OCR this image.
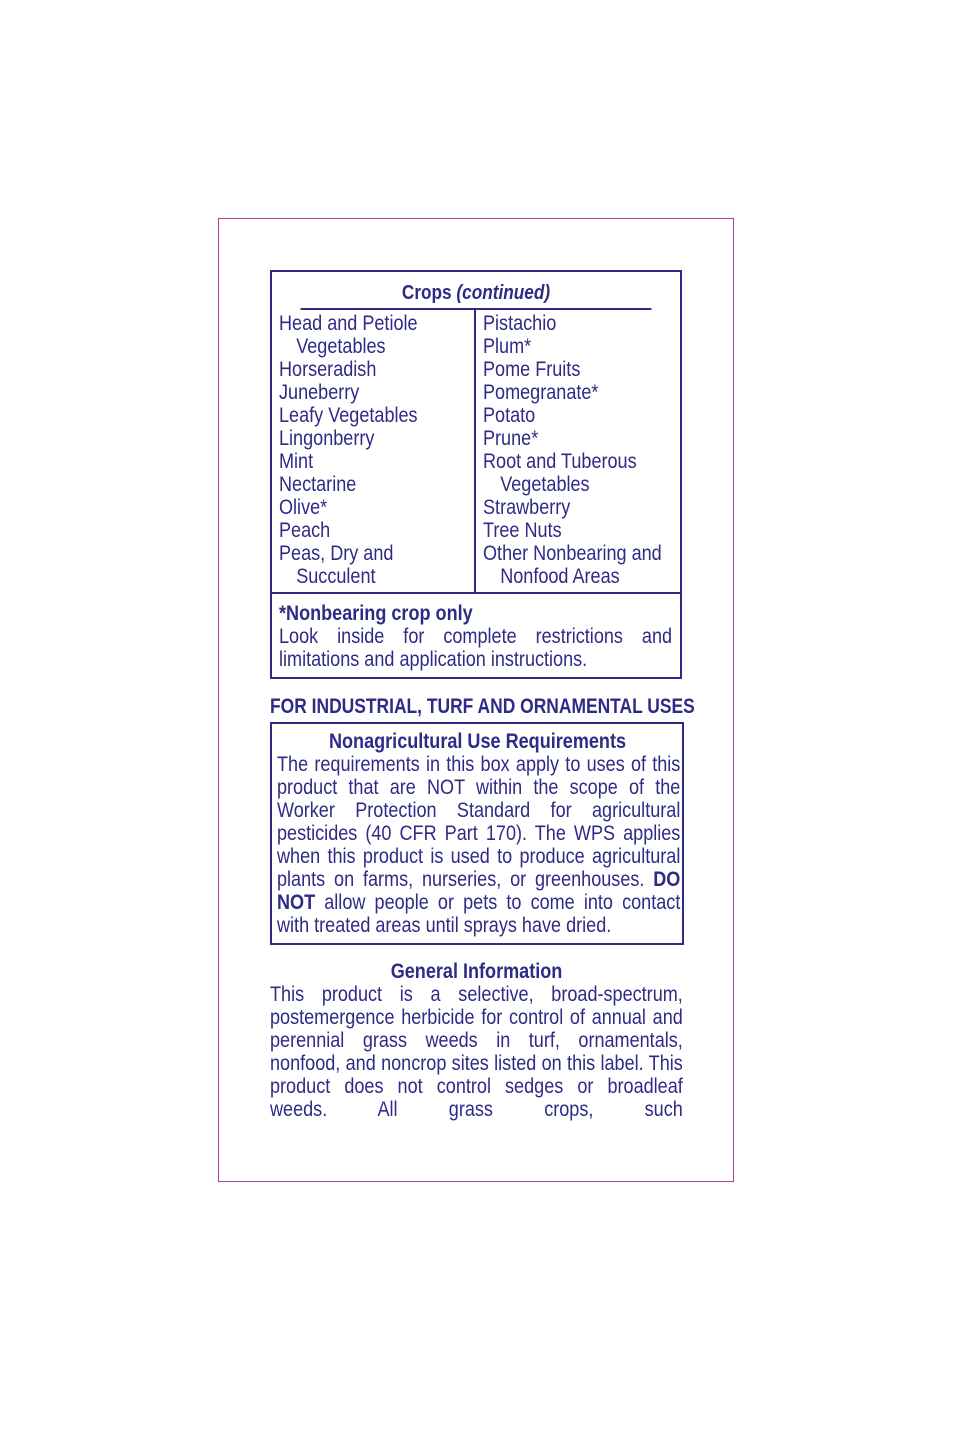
Crops (continued)
Head and Petiole
Vegetables
Horseradish
Juneberry
Leafy Vegetables
Lingonberry
Mint
Nectarine
Olive*
Peach
Peas, Dry and
Succulent
Pistachio
Plum*
Pome Fruits
Pomegranate*
Potato
Prune*
Root and Tuberous
Vegetables
Strawberry
Tree Nuts
Other Nonbearing and
Nonfood Areas
*Nonbearing crop only
Look inside for complete restrictions and limitations and application instructions.
FOR INDUSTRIAL, TURF AND ORNAMENTAL USES
Nonagricultural Use Requirements
The requirements in this box apply to uses of this product that are NOT within the scope of the Worker Protection Standard for agricultural pesticides (40 CFR Part 170). The WPS applies when this product is used to produce agricultural plants on farms, nurseries, or greenhouses. DO NOT allow people or pets to come into contact with treated areas until sprays have dried.
General Information
This product is a selective, broad-spectrum, postemergence herbicide for control of annual and perennial grass weeds in turf, ornamentals, nonfood, and noncrop sites listed on this label. This product does not control sedges or broadleaf weeds. All grass crops, such
